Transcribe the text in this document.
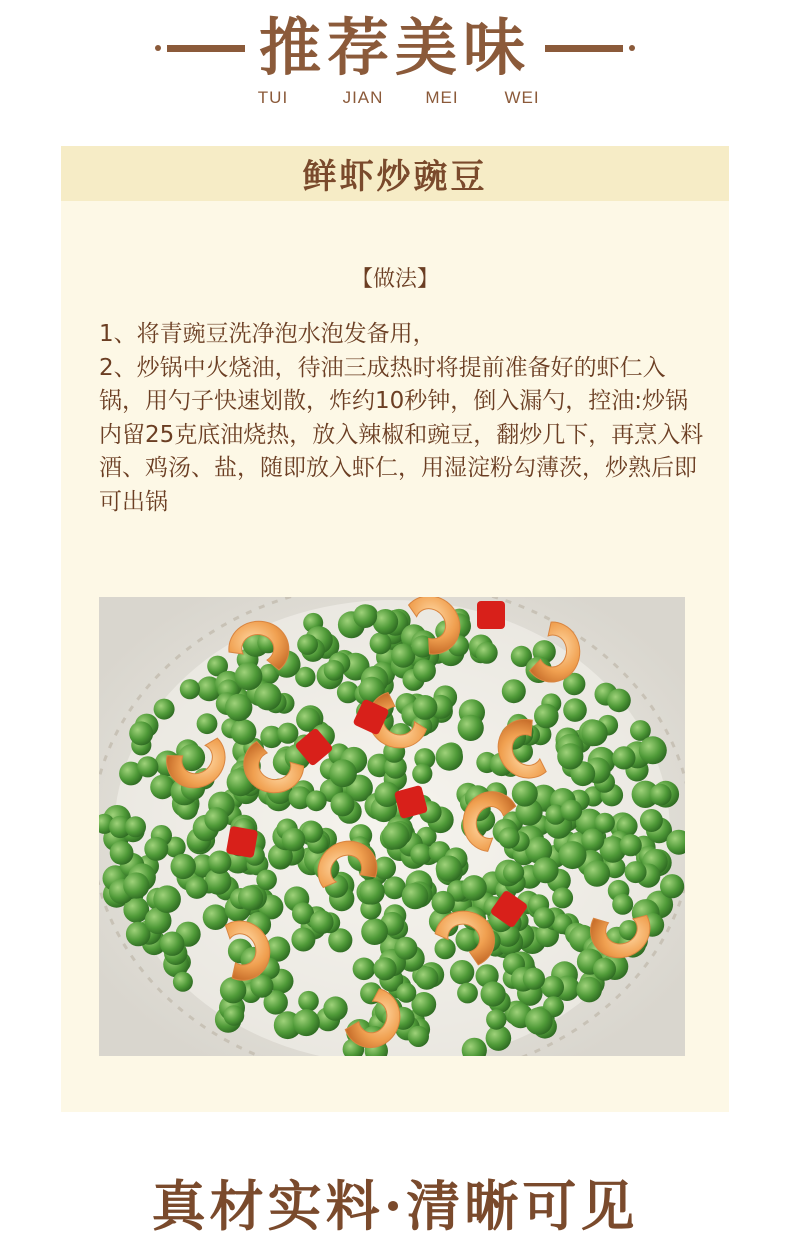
推荐美味
TUI	JIAN	MEI	WEI
鲜虾炒豌豆
【做法】

1、将青豌豆洗净泡水泡发备用，

2、炒锅中火烧油，待油三成热时将提前准备好的虾仁入锅，用勺子快速划散，炸约10秒钟，倒入漏勺，控油:炒锅内留25克底油烧热，放入辣椒和豌豆，翻炒几下，再烹入料酒、鸡汤、盐，随即放入虾仁，用湿淀粉勾薄茨，炒熟后即可出锅

真材实料·清晰可见
